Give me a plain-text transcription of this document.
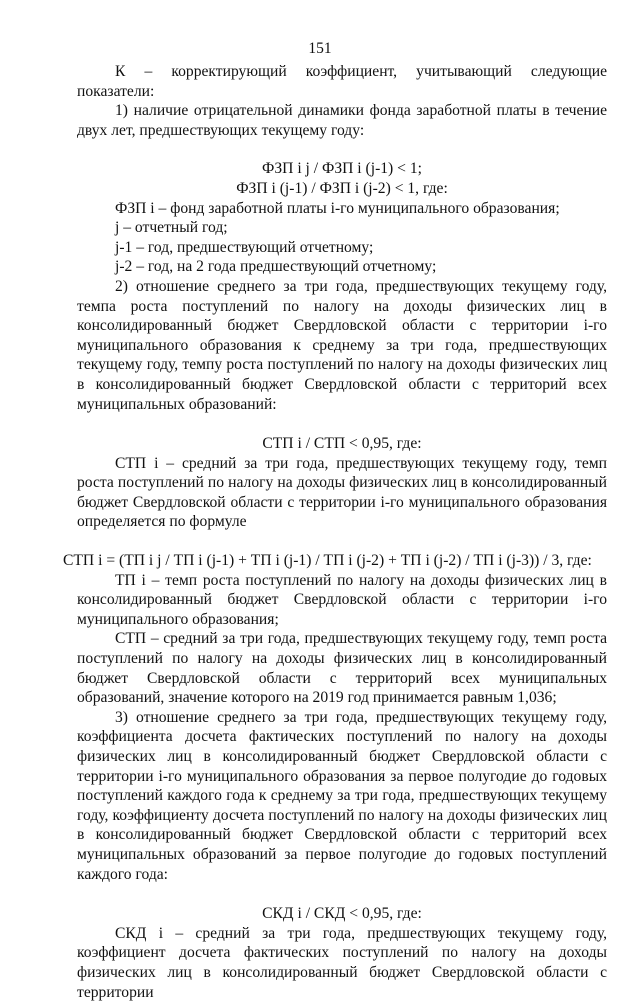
151

К – корректирующий коэффициент, учитывающий следующие показатели:

1) наличие отрицательной динамики фонда заработной платы в течение двух лет, предшествующих текущему году:

ФЗП i j / ФЗП i (j-1) < 1;

ФЗП i (j-1) / ФЗП i (j-2) < 1, где:

ФЗП i – фонд заработной платы i-го муниципального образования;

j – отчетный год;

j-1 – год, предшествующий отчетному;

j-2 – год, на 2 года предшествующий отчетному;

2) отношение среднего за три года, предшествующих текущему году, темпа роста поступлений по налогу на доходы физических лиц в консолидированный бюджет Свердловской области с территории i-го муниципального образования к среднему за три года, предшествующих текущему году, темпу роста поступлений по налогу на доходы физических лиц в консолидированный бюджет Свердловской области с территорий всех муниципальных образований:

СТП i / СТП < 0,95, где:

СТП i – средний за три года, предшествующих текущему году, темп роста поступлений по налогу на доходы физических лиц в консолидированный бюджет Свердловской области с территории i-го муниципального образования определяется по формуле

СТП i = (ТП i j / ТП i (j-1) + ТП i (j-1) / ТП i (j-2) + ТП i (j-2) / ТП i (j-3)) / 3, где:

ТП i – темп роста поступлений по налогу на доходы физических лиц в консолидированный бюджет Свердловской области с территории i-го муниципального образования;

СТП – средний за три года, предшествующих текущему году, темп роста поступлений по налогу на доходы физических лиц в консолидированный бюджет Свердловской области с территорий всех муниципальных образований, значение которого на 2019 год принимается равным 1,036;

3) отношение среднего за три года, предшествующих текущему году, коэффициента досчета фактических поступлений по налогу на доходы физических лиц в консолидированный бюджет Свердловской области с территории i-го муниципального образования за первое полугодие до годовых поступлений каждого года к среднему за три года, предшествующих текущему году, коэффициенту досчета поступлений по налогу на доходы физических лиц в консолидированный бюджет Свердловской области с территорий всех муниципальных образований за первое полугодие до годовых поступлений каждого года:

СКД i / СКД < 0,95, где:

СКД i – средний за три года, предшествующих текущему году, коэффициент досчета фактических поступлений по налогу на доходы физических лиц в консолидированный бюджет Свердловской области с территории
